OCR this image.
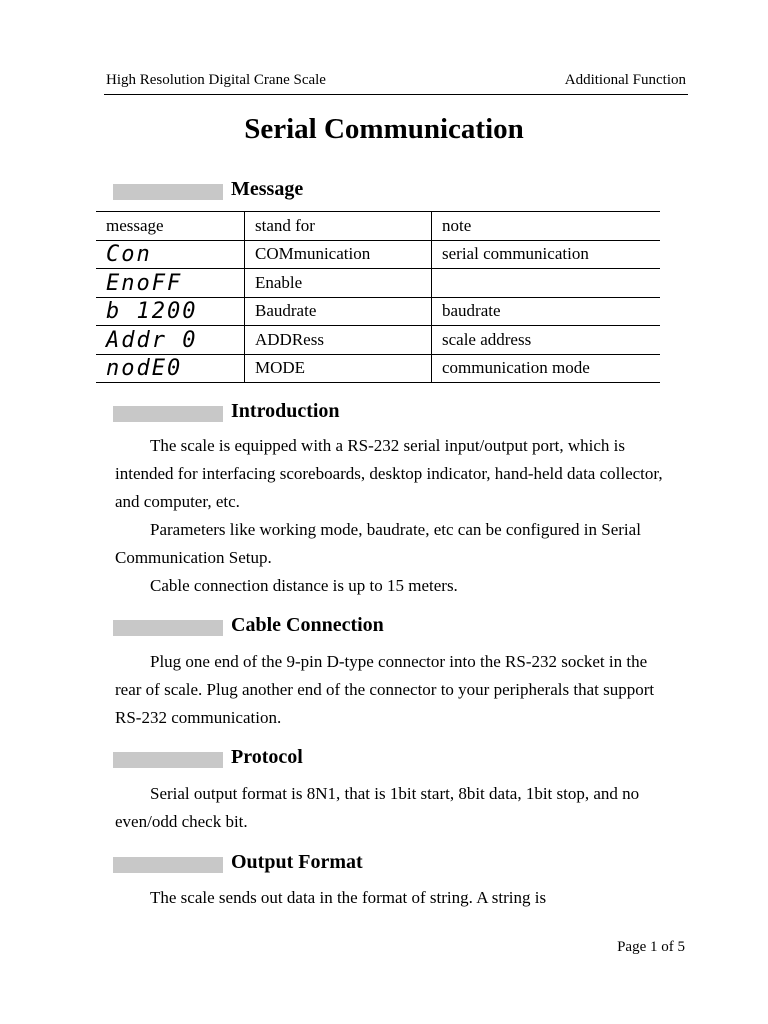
High Resolution Digital Crane Scale	Additional Function
Serial Communication
Message
message	stand for	note
Con	COMmunication	serial communication
EnoFF	Enable	
b 1200	Baudrate	baudrate
Addr 0	ADDRess	scale address
nodE0	MODE	communication mode
Introduction

The scale is equipped with a RS-232 serial input/output port, which is intended for interfacing scoreboards, desktop indicator, hand-held data collector, and computer, etc.

Parameters like working mode, baudrate, etc can be configured in Serial Communication Setup.

Cable connection distance is up to 15 meters.

Cable Connection

Plug one end of the 9-pin D-type connector into the RS-232 socket in the rear of scale. Plug another end of the connector to your peripherals that support RS-232 communication.

Protocol

Serial output format is 8N1, that is 1bit start, 8bit data, 1bit stop, and no even/odd check bit.

Output Format

The scale sends out data in the format of string. A string is

Page 1 of 5
